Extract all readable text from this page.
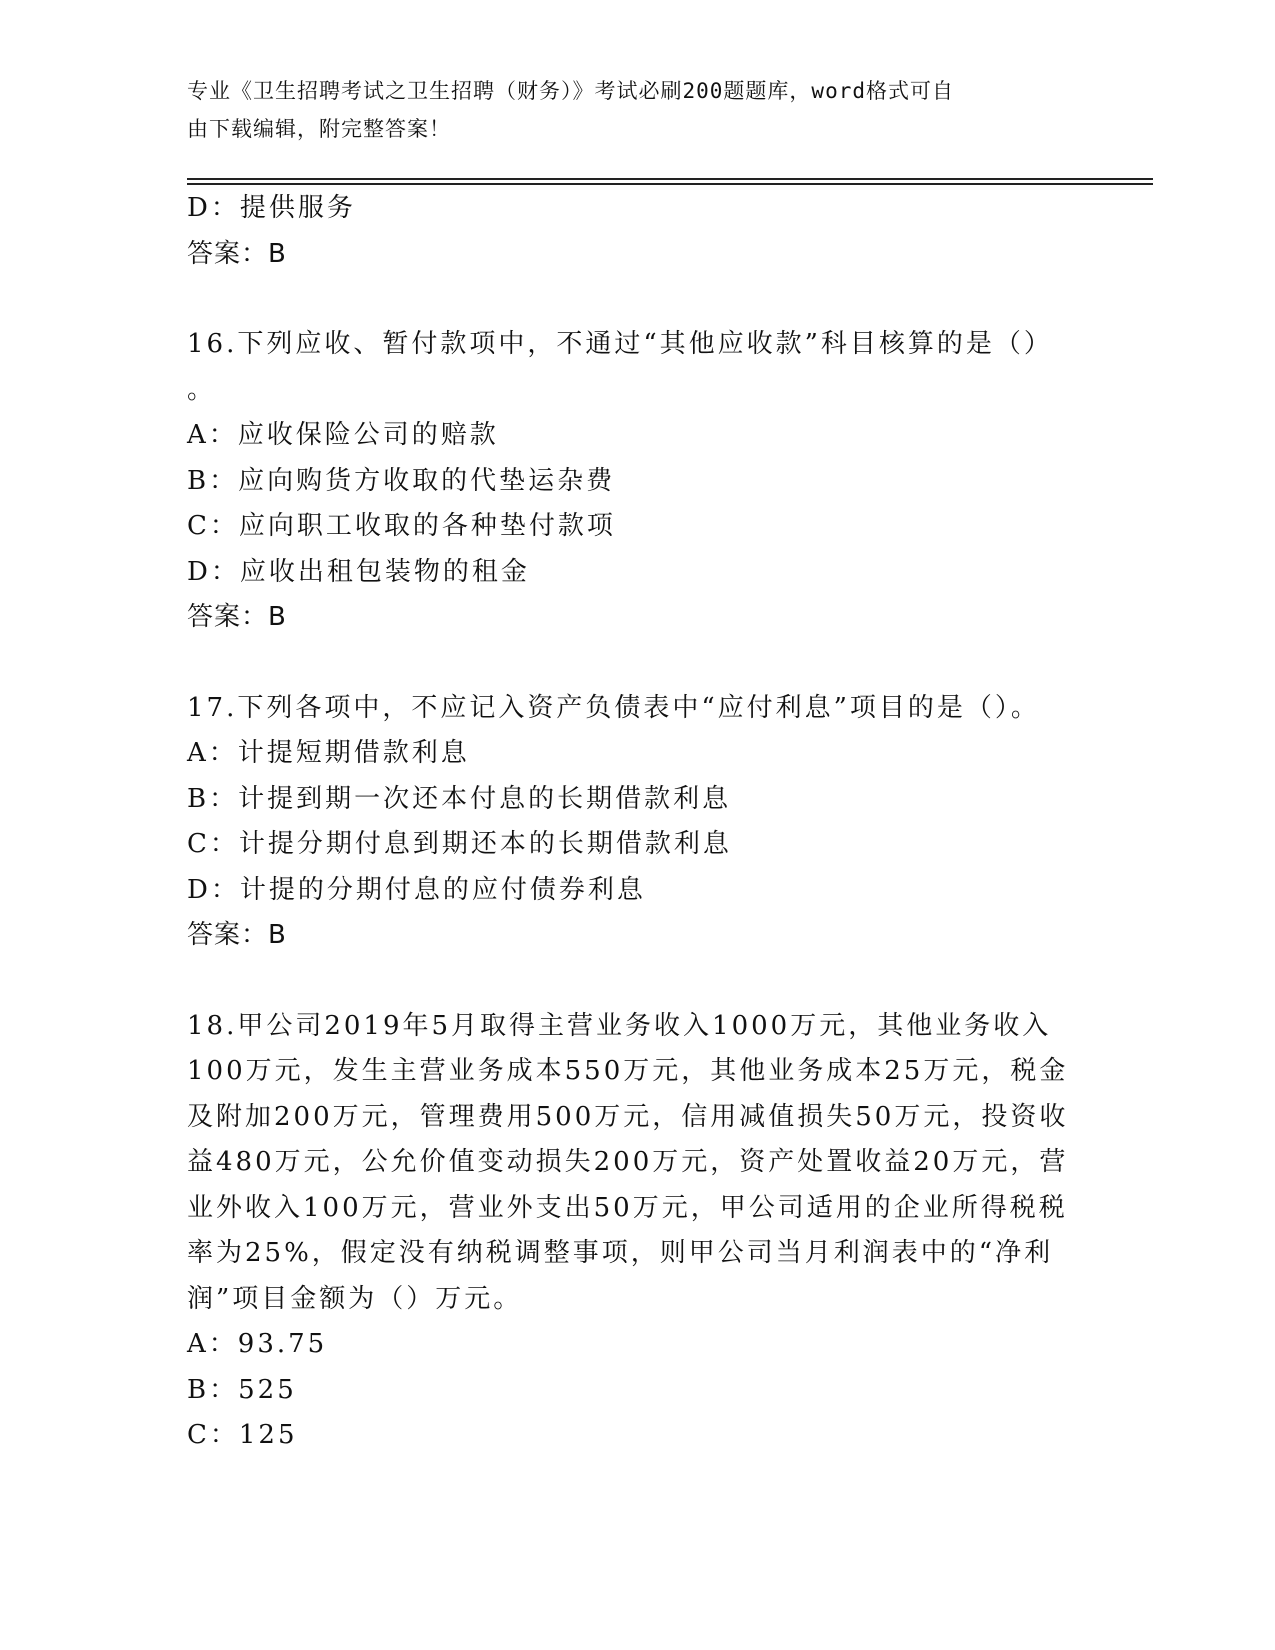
专业《卫生招聘考试之卫生招聘（财务）》考试必刷200题题库，word格式可自
由下载编辑，附完整答案！
D：提供服务
答案：B
16.下列应收、暂付款项中，不通过“其他应收款”科目核算的是（）
。
A：应收保险公司的赔款
B：应向购货方收取的代垫运杂费
C：应向职工收取的各种垫付款项
D：应收出租包装物的租金
答案：B
17.下列各项中，不应记入资产负债表中“应付利息”项目的是（）。
A：计提短期借款利息
B：计提到期一次还本付息的长期借款利息
C：计提分期付息到期还本的长期借款利息
D：计提的分期付息的应付债券利息
答案：B
18.甲公司2019年5月取得主营业务收入1000万元，其他业务收入
100万元，发生主营业务成本550万元，其他业务成本25万元，税金
及附加200万元，管理费用500万元，信用减值损失50万元，投资收
益480万元，公允价值变动损失200万元，资产处置收益20万元，营
业外收入100万元，营业外支出50万元，甲公司适用的企业所得税税
率为25%，假定没有纳税调整事项，则甲公司当月利润表中的“净利
润”项目金额为（）万元。
A：93.75
B：525
C：125
